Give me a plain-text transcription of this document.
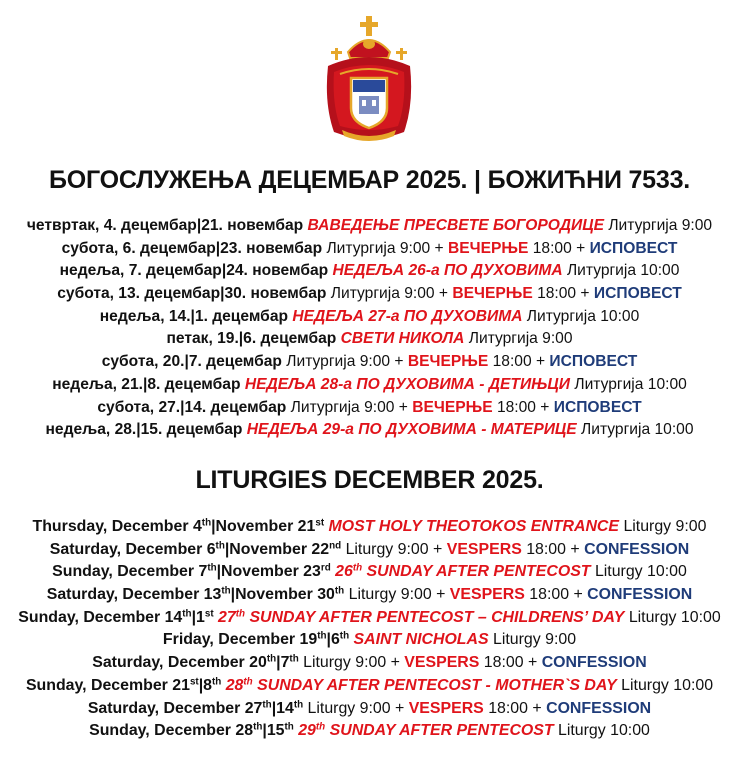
БОГОСЛУЖЕЊА ДЕЦЕМБАР 2025. | БОЖИЋНИ 7533.
четвртак, 4. децембар|21. новембар ВАВЕДЕЊЕ ПРЕСВЕТЕ БОГОРОДИЦЕ Литургија 9:00
субота, 6. децембар|23. новембар Литургија 9:00 + ВЕЧЕРЊЕ 18:00 + ИСПОВЕСТ
недеља, 7. децембар|24. новембар НЕДЕЉА 26-а ПО ДУХОВИМА Литургија 10:00
субота, 13. децембар|30. новембар Литургија 9:00 + ВЕЧЕРЊЕ 18:00 + ИСПОВЕСТ
недеља, 14.|1. децембар НЕДЕЉА 27-а ПО ДУХОВИМА Литургија 10:00
петак, 19.|6. децембар СВЕТИ НИКОЛА Литургија 9:00
субота, 20.|7. децембар Литургија 9:00 + ВЕЧЕРЊЕ 18:00 + ИСПОВЕСТ
недеља, 21.|8. децембар НЕДЕЉА 28-а ПО ДУХОВИМА - ДЕТИЊЦИ Литургија 10:00
субота, 27.|14. децембар Литургија 9:00 + ВЕЧЕРЊЕ 18:00 + ИСПОВЕСТ
недеља, 28.|15. децембар НЕДЕЉА 29-а ПО ДУХОВИМА - МАТЕРИЦЕ Литургија 10:00
LITURGIES DECEMBER 2025.
Thursday, December 4th|November 21st MOST HOLY THEOTOKOS ENTRANCE Liturgy 9:00
Saturday, December 6th|November 22nd Liturgy 9:00 + VESPERS 18:00 + CONFESSION
Sunday, December 7th|November 23rd 26th SUNDAY AFTER PENTECOST Liturgy 10:00
Saturday, December 13th|November 30th Liturgy 9:00 + VESPERS 18:00 + CONFESSION
Sunday, December 14th|1st 27th SUNDAY AFTER PENTECOST – CHILDRENS’ DAY Liturgy 10:00
Friday, December 19th|6th SAINT NICHOLAS Liturgy 9:00
Saturday, December 20th|7th Liturgy 9:00 + VESPERS 18:00 + CONFESSION
Sunday, December 21st|8th 28th SUNDAY AFTER PENTECOST - MOTHER`S DAY Liturgy 10:00
Saturday, December 27th|14th Liturgy 9:00 + VESPERS 18:00 + CONFESSION
Sunday, December 28th|15th 29th SUNDAY AFTER PENTECOST Liturgy 10:00
